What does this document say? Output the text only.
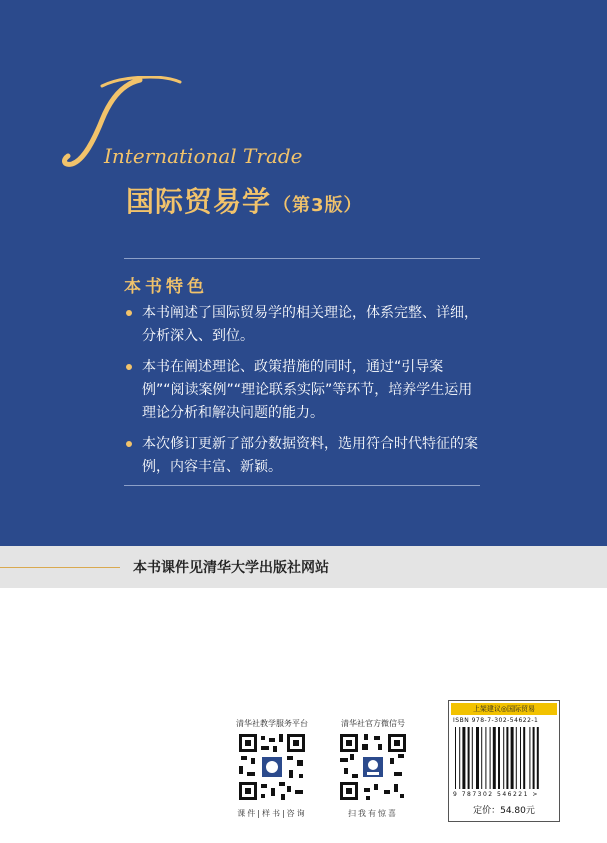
International Trade
国际贸易学 （第3版）
本书特色
本书阐述了国际贸易学的相关理论，体系完整、详细，分析深入、到位。
本书在阐述理论、政策措施的同时，通过“引导案例”“阅读案例”“理论联系实际”等环节，培养学生运用理论分析和解决问题的能力。
本次修订更新了部分数据资料，选用符合时代特征的案例，内容丰富、新颖。
本书课件见清华大学出版社网站
清华社教学服务平台
课件|样书|咨询
清华社官方微信号
扫我有惊喜
上架建议◎国际贸易
ISBN 978-7-302-54622-1
9 787302 546221 >
定价：54.80元
